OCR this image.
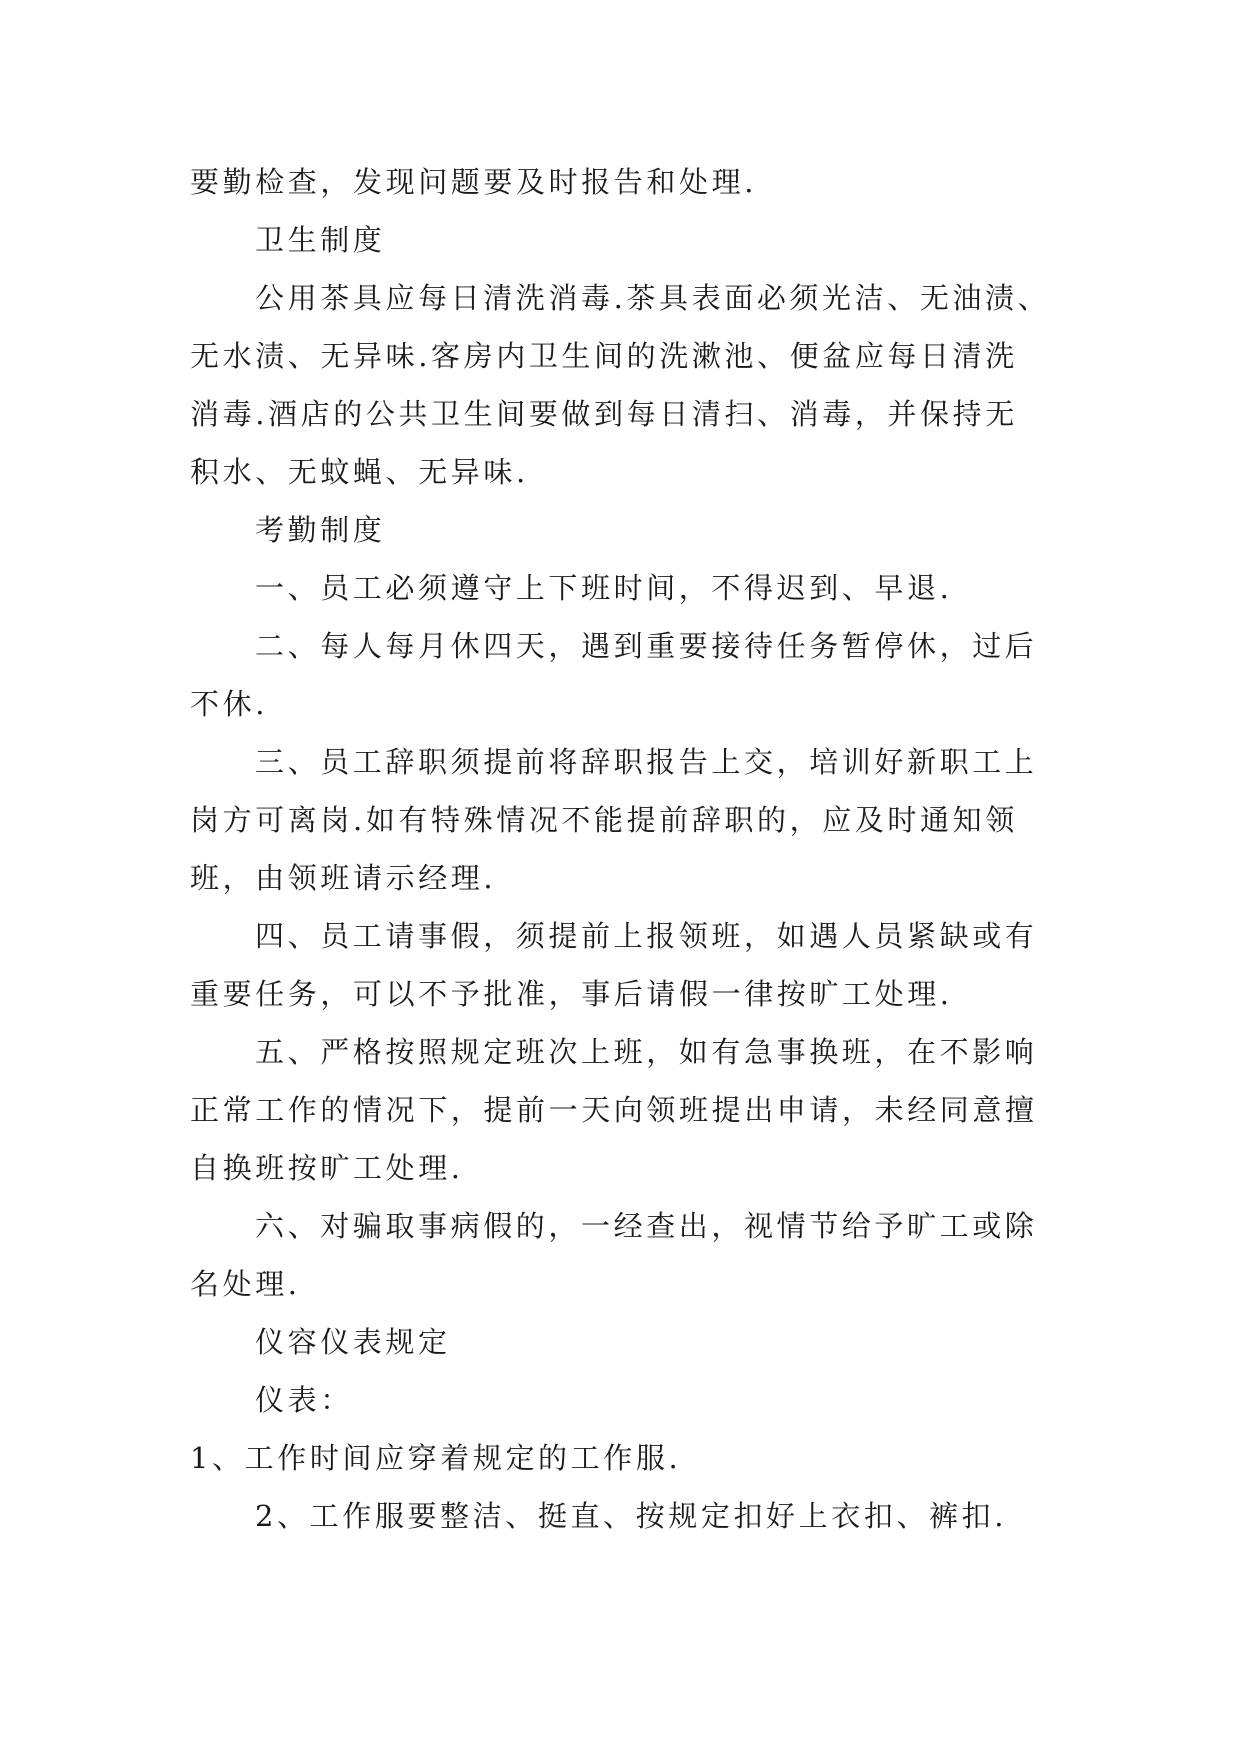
要勤检查，发现问题要及时报告和处理.
卫生制度
公用茶具应每日清洗消毒.茶具表面必须光洁、无油渍、
无水渍、无异味.客房内卫生间的洗漱池、便盆应每日清洗
消毒.酒店的公共卫生间要做到每日清扫、消毒，并保持无
积水、无蚊蝇、无异味.
考勤制度
一、员工必须遵守上下班时间，不得迟到、早退.
二、每人每月休四天，遇到重要接待任务暂停休，过后
不休.
三、员工辞职须提前将辞职报告上交，培训好新职工上
岗方可离岗.如有特殊情况不能提前辞职的，应及时通知领
班，由领班请示经理.
四、员工请事假，须提前上报领班，如遇人员紧缺或有
重要任务，可以不予批准，事后请假一律按旷工处理.
五、严格按照规定班次上班，如有急事换班，在不影响
正常工作的情况下，提前一天向领班提出申请，未经同意擅
自换班按旷工处理.
六、对骗取事病假的，一经查出，视情节给予旷工或除
名处理.
仪容仪表规定
仪表：
1、工作时间应穿着规定的工作服.
2、工作服要整洁、挺直、按规定扣好上衣扣、裤扣.
